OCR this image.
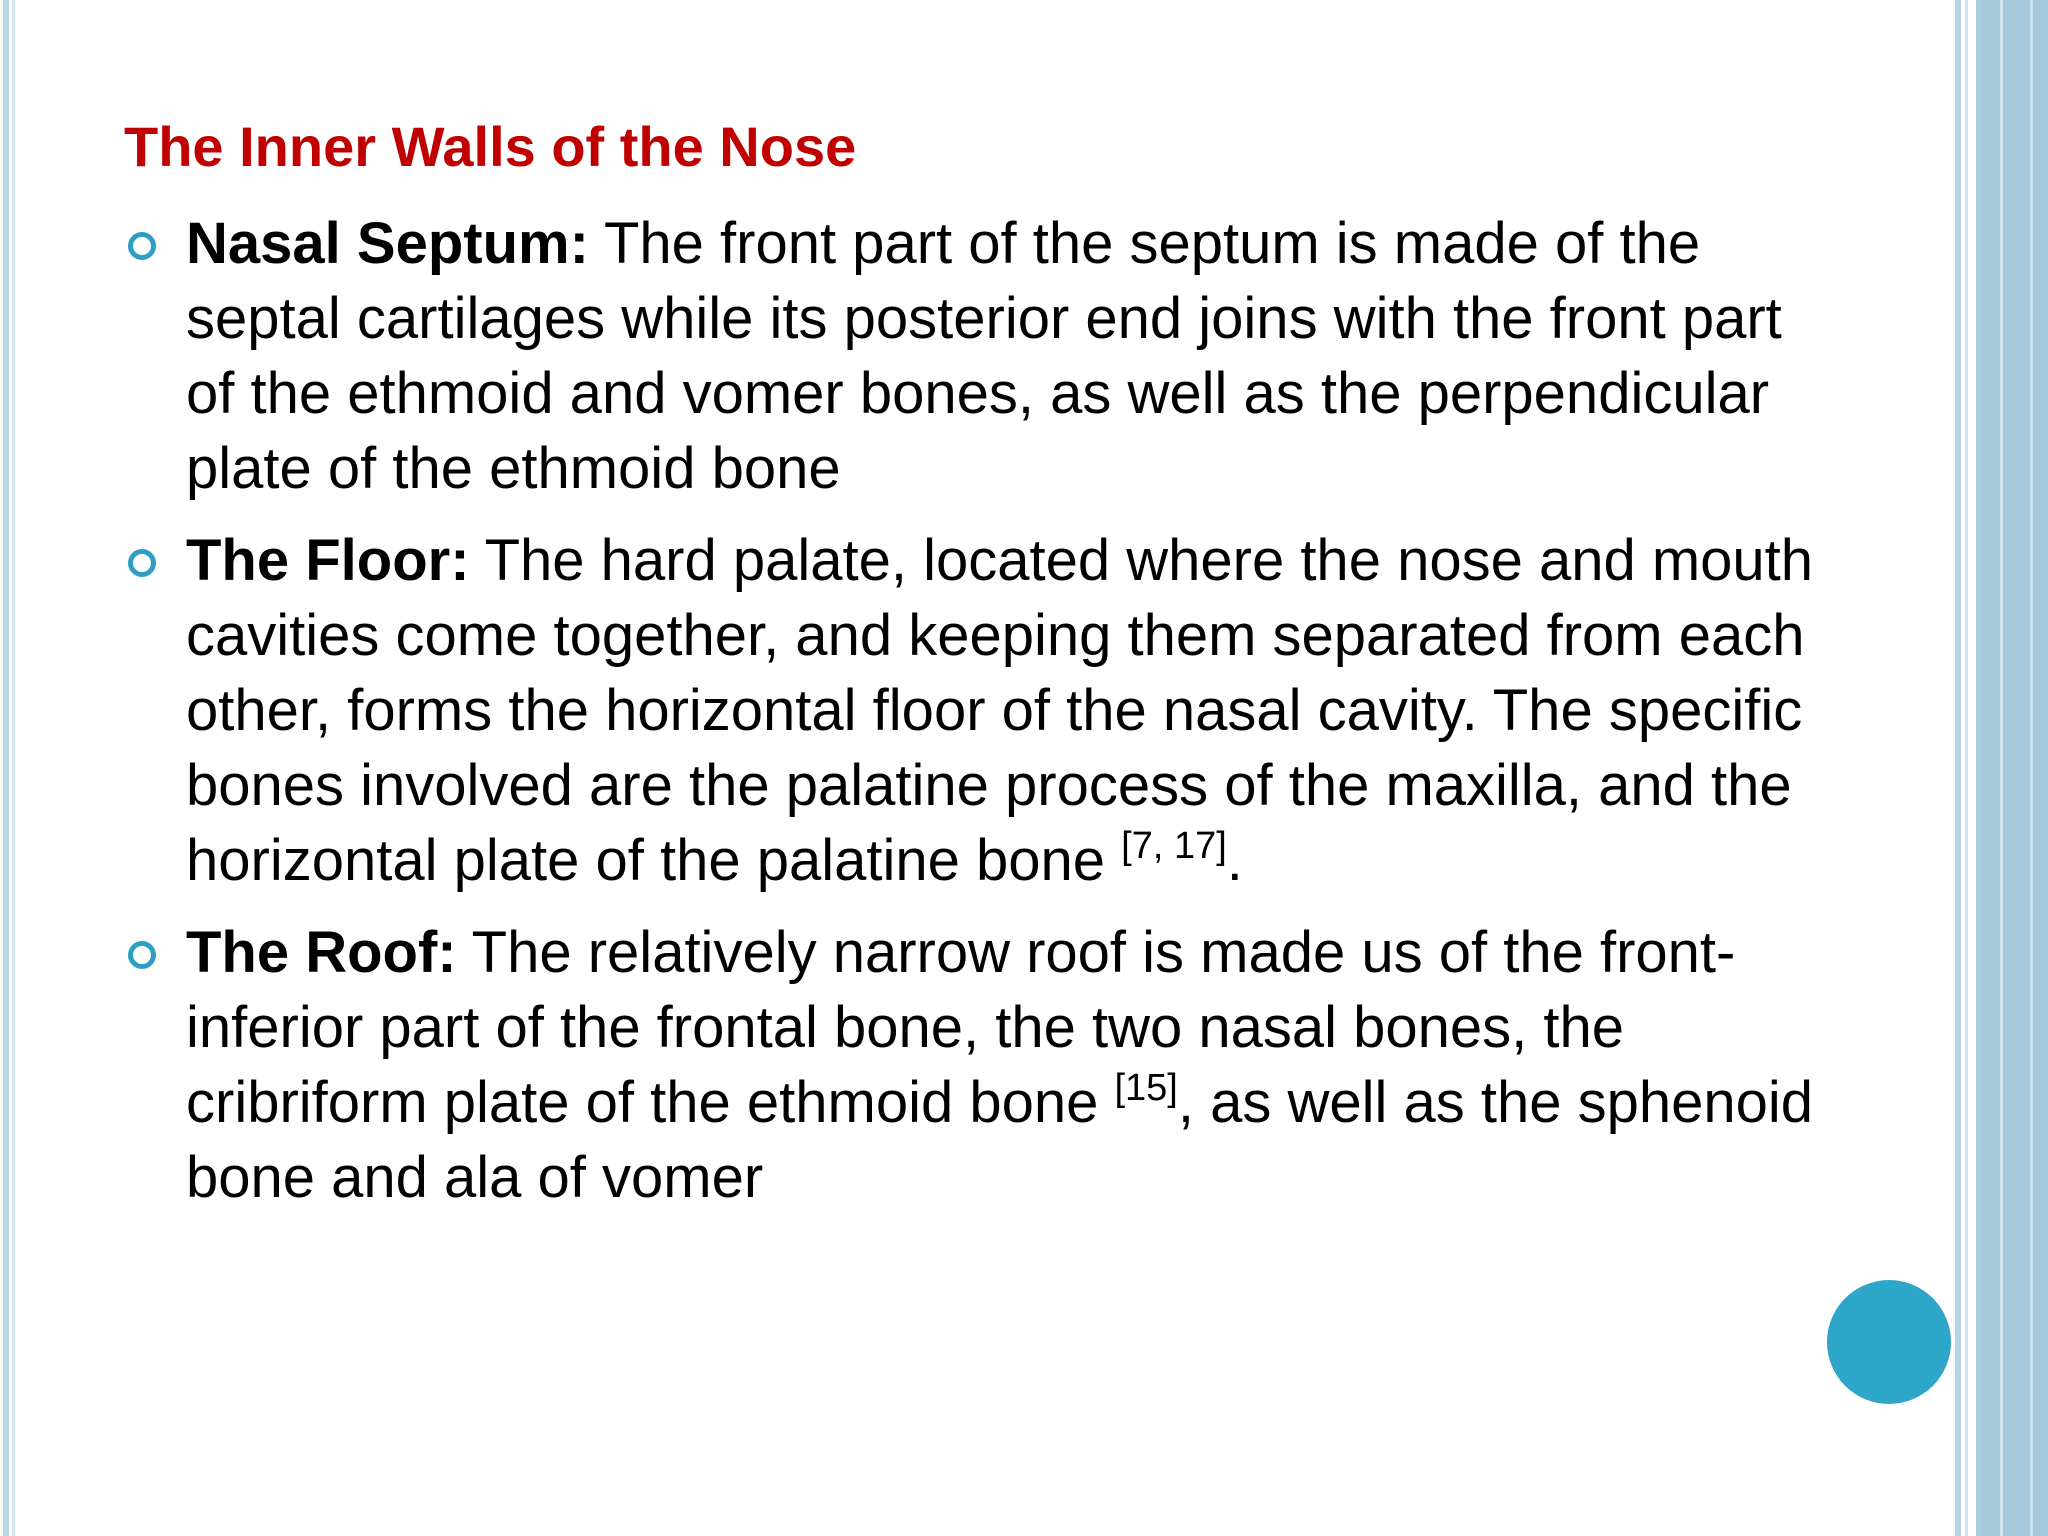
The Inner Walls of the Nose
Nasal Septum: The front part of the septum is made of the septal cartilages while its posterior end joins with the front part of the ethmoid and vomer bones, as well as the perpendicular plate of the ethmoid bone
The Floor: The hard palate, located where the nose and mouth cavities come together, and keeping them separated from each other, forms the horizontal floor of the nasal cavity. The specific bones involved are the palatine process of the maxilla, and the horizontal plate of the palatine bone [7, 17].
The Roof: The relatively narrow roof is made us of the front-inferior part of the frontal bone, the two nasal bones, the cribriform plate of the ethmoid bone [15], as well as the sphenoid bone and ala of vomer
